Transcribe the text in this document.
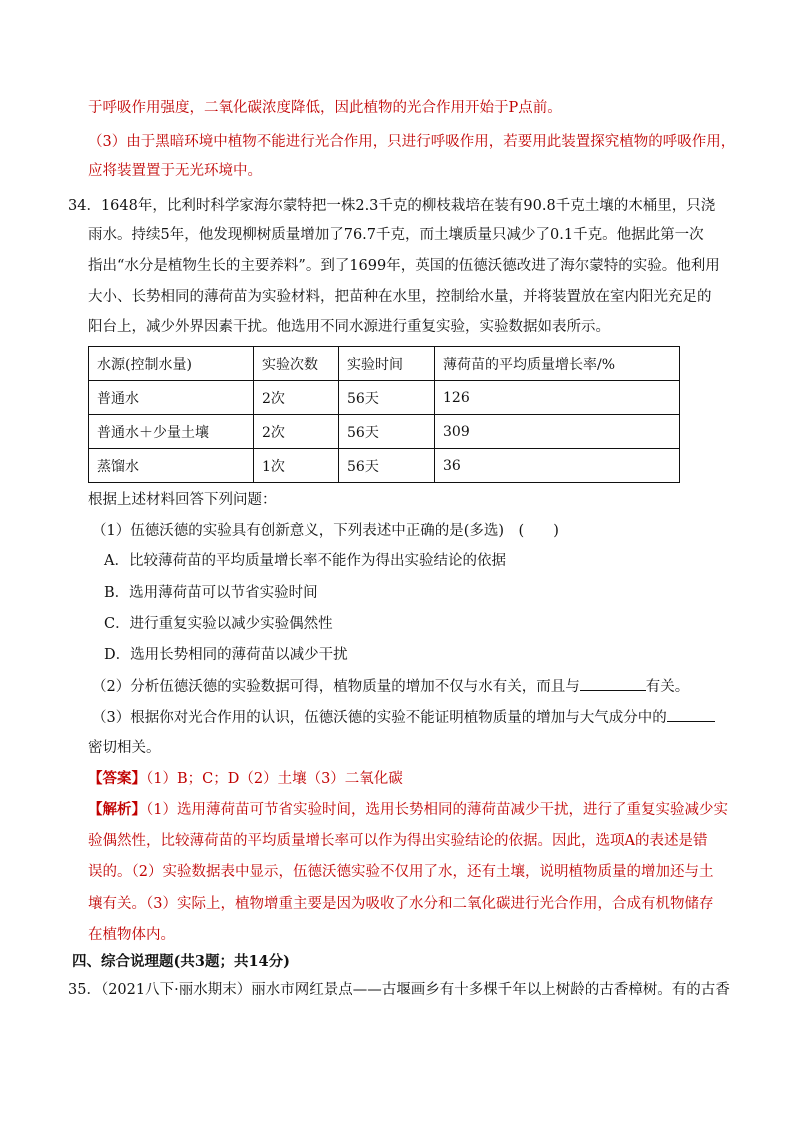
于呼吸作用强度，二氧化碳浓度降低，因此植物的光合作用开始于P点前。
（3）由于黑暗环境中植物不能进行光合作用，只进行呼吸作用，若要用此装置探究植物的呼吸作用，
应将装置置于无光环境中。
34．1648年，比利时科学家海尔蒙特把一株2.3千克的柳枝栽培在装有90.8千克土壤的木桶里，只浇
雨水。持续5年，他发现柳树质量增加了76.7千克，而土壤质量只减少了0.1千克。他据此第一次
指出“水分是植物生长的主要养料”。到了1699年，英国的伍德沃德改进了海尔蒙特的实验。他利用
大小、长势相同的薄荷苗为实验材料，把苗种在水里，控制给水量，并将装置放在室内阳光充足的
阳台上，减少外界因素干扰。他选用不同水源进行重复实验，实验数据如表所示。
水源(控制水量)	实验次数	实验时间	薄荷苗的平均质量增长率/%
普通水	2次	56天	126
普通水＋少量土壤	2次	56天	309
蒸馏水	1次	56天	36
根据上述材料回答下列问题：
（1）伍德沃德的实验具有创新意义，下列表述中正确的是(多选)　(　　)
A．比较薄荷苗的平均质量增长率不能作为得出实验结论的依据
B．选用薄荷苗可以节省实验时间
C．进行重复实验以减少实验偶然性
D．选用长势相同的薄荷苗以减少干扰
（2）分析伍德沃德的实验数据可得，植物质量的增加不仅与水有关，而且与	有关。
（3）根据你对光合作用的认识，伍德沃德的实验不能证明植物质量的增加与大气成分中的
密切相关。
【答案】（1）B；C；D（2）土壤（3）二氧化碳
【解析】（1）选用薄荷苗可节省实验时间，选用长势相同的薄荷苗减少干扰，进行了重复实验减少实
验偶然性，比较薄荷苗的平均质量增长率可以作为得出实验结论的依据。因此，选项A的表述是错
误的。（2）实验数据表中显示，伍德沃德实验不仅用了水，还有土壤，说明植物质量的增加还与土
壤有关。（3）实际上，植物增重主要是因为吸收了水分和二氧化碳进行光合作用，合成有机物储存
在植物体内。
四、综合说理题(共3题；共14分)
35．（2021八下·丽水期末）丽水市网红景点——古堰画乡有十多棵千年以上树龄的古香樟树。有的古香
